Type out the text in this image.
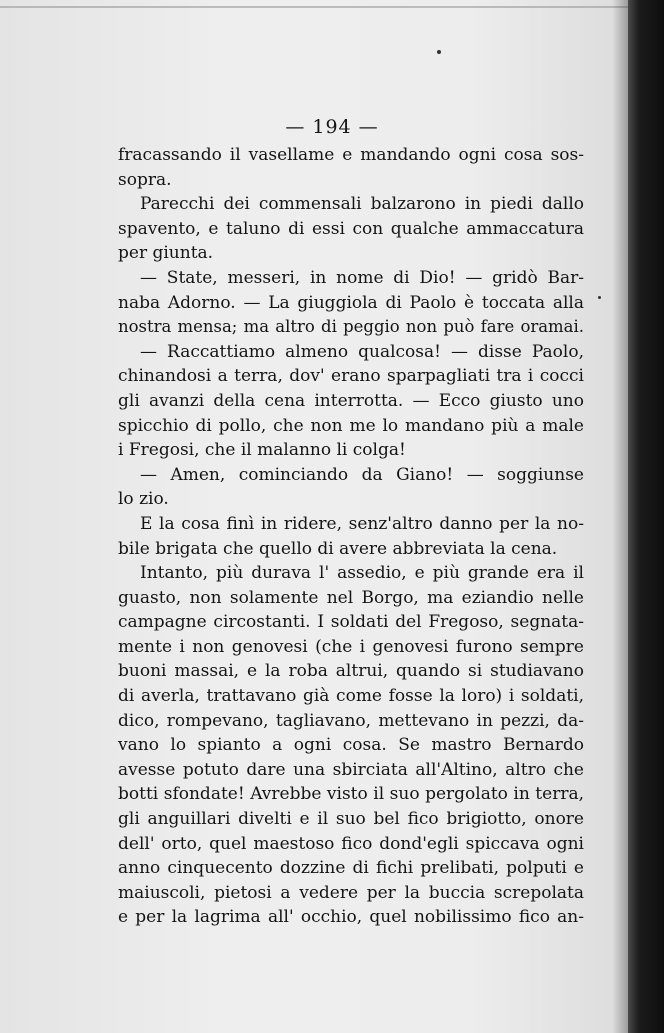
— 194 —
fracassando il vasellame e mandando ogni cosa sos-
sopra.
Parecchi dei commensali balzarono in piedi dallo
spavento, e taluno di essi con qualche ammaccatura
per giunta.
— State, messeri, in nome di Dio! — gridò Bar-
naba Adorno. — La giuggiola di Paolo è toccata alla
nostra mensa; ma altro di peggio non può fare oramai.
— Raccattiamo almeno qualcosa! — disse Paolo,
chinandosi a terra, dov' erano sparpagliati tra i cocci
gli avanzi della cena interrotta. — Ecco giusto uno
spicchio di pollo, che non me lo mandano più a male
i Fregosi, che il malanno li colga!
— Amen, cominciando da Giano! — soggiunse
lo zio.
E la cosa finì in ridere, senz'altro danno per la no-
bile brigata che quello di avere abbreviata la cena.
Intanto, più durava l' assedio, e più grande era il
guasto, non solamente nel Borgo, ma eziandio nelle
campagne circostanti. I soldati del Fregoso, segnata-
mente i non genovesi (che i genovesi furono sempre
buoni massai, e la roba altrui, quando si studiavano
di averla, trattavano già come fosse la loro) i soldati,
dico, rompevano, tagliavano, mettevano in pezzi, da-
vano lo spianto a ogni cosa. Se mastro Bernardo
avesse potuto dare una sbirciata all'Altino, altro che
botti sfondate! Avrebbe visto il suo pergolato in terra,
gli anguillari divelti e il suo bel fico brigiotto, onore
dell' orto, quel maestoso fico dond'egli spiccava ogni
anno cinquecento dozzine di fichi prelibati, polputi e
maiuscoli, pietosi a vedere per la buccia screpolata
e per la lagrima all' occhio, quel nobilissimo fico an-
